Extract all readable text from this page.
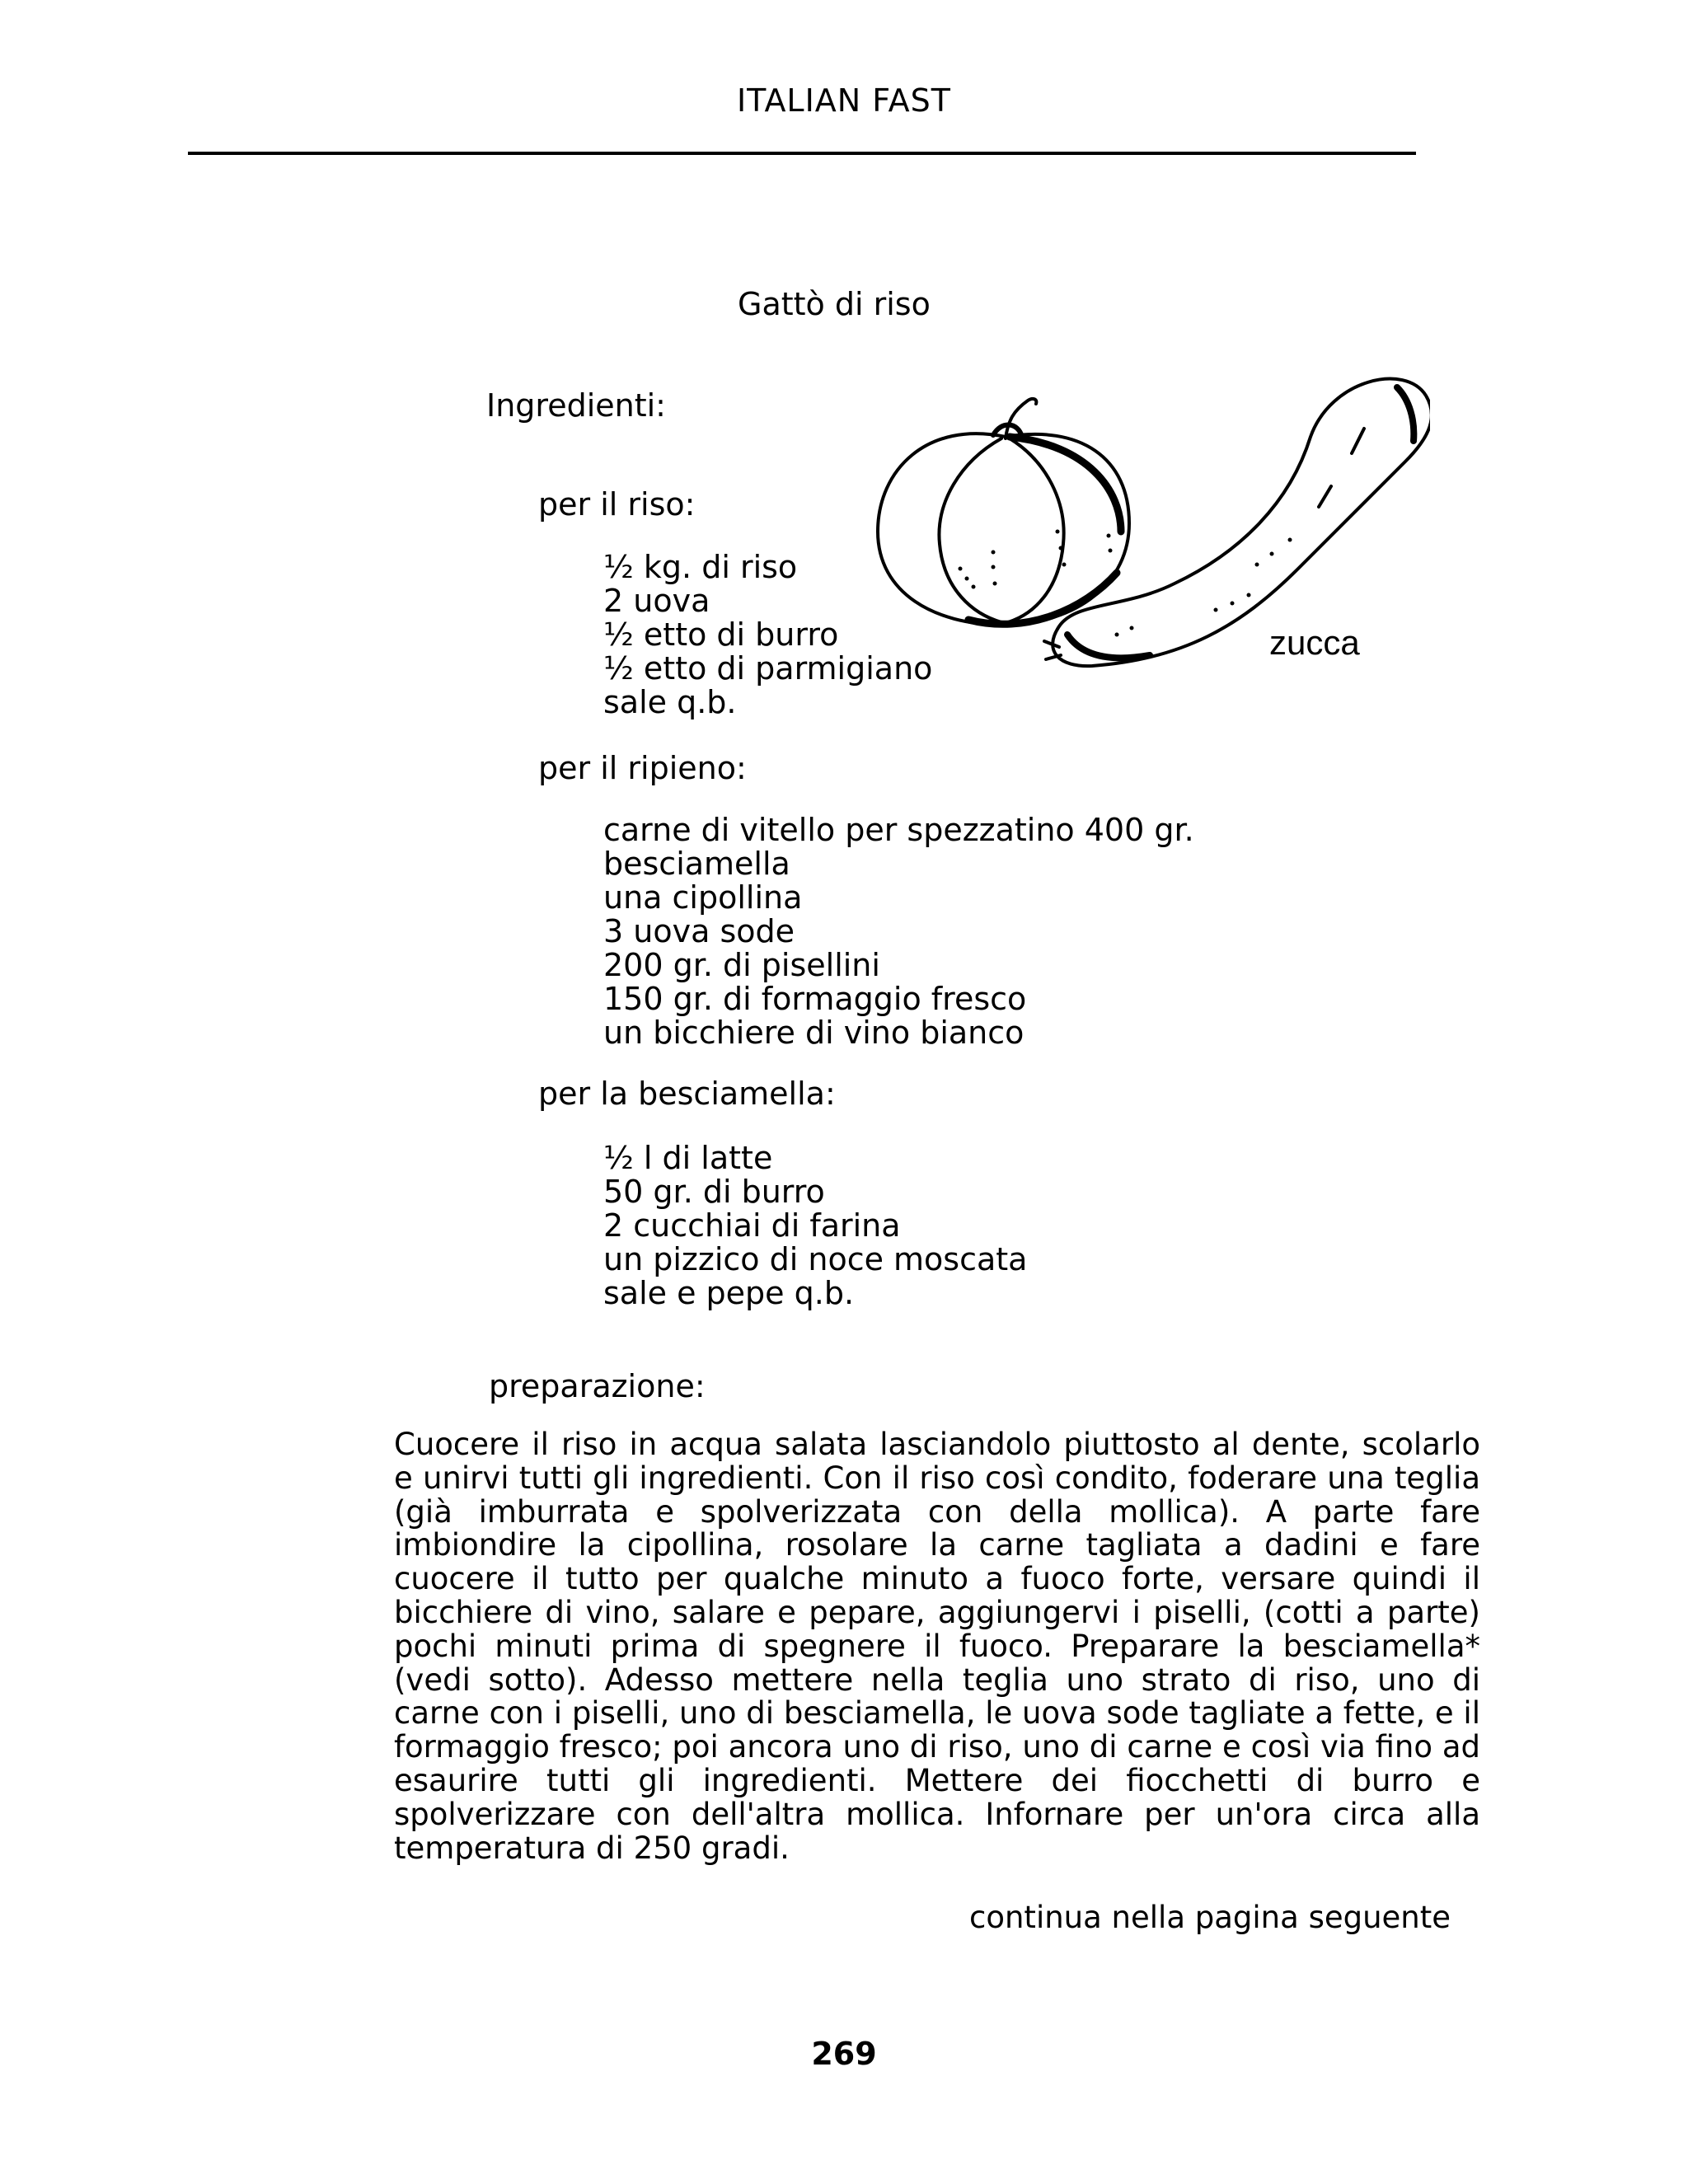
ITALIAN FAST
Gattò di riso
Ingredienti:
per il riso:
½ kg. di riso
2 uova
½ etto di burro
½ etto di parmigiano
sale q.b.
per il ripieno:
carne di vitello per spezzatino 400 gr.
besciamella
una cipollina
3 uova sode
200 gr. di pisellini
150 gr. di formaggio fresco
un bicchiere di vino bianco
per la besciamella:
½ l di latte
50 gr. di burro
2 cucchiai di farina
un pizzico di noce moscata
sale e pepe q.b.
zucca
preparazione:

Cuocere il riso in acqua salata lasciandolo piuttosto al dente, scolarlo e unirvi tutti gli ingredienti. Con il riso così condito, foderare una teglia (già imburrata e spolverizzata con della mollica). A parte fare imbiondire la cipollina, rosolare la carne tagliata a dadini e fare cuocere il tutto per qualche minuto a fuoco forte, versare quindi il bicchiere di vino, salare e pepare, aggiungervi i piselli, (cotti a parte) pochi minuti prima di spegnere il fuoco. Preparare la besciamella* (vedi sotto). Adesso mettere nella teglia uno strato di riso, uno di carne con i piselli, uno di besciamella, le uova sode tagliate a fette, e il formaggio fresco; poi ancora uno di riso, uno di carne e così via fino ad esaurire tutti gli ingredienti. Mettere dei fiocchetti di burro e spolverizzare con dell'altra mollica. Infornare per un'ora circa alla temperatura di 250 gradi.

continua nella pagina seguente
269
